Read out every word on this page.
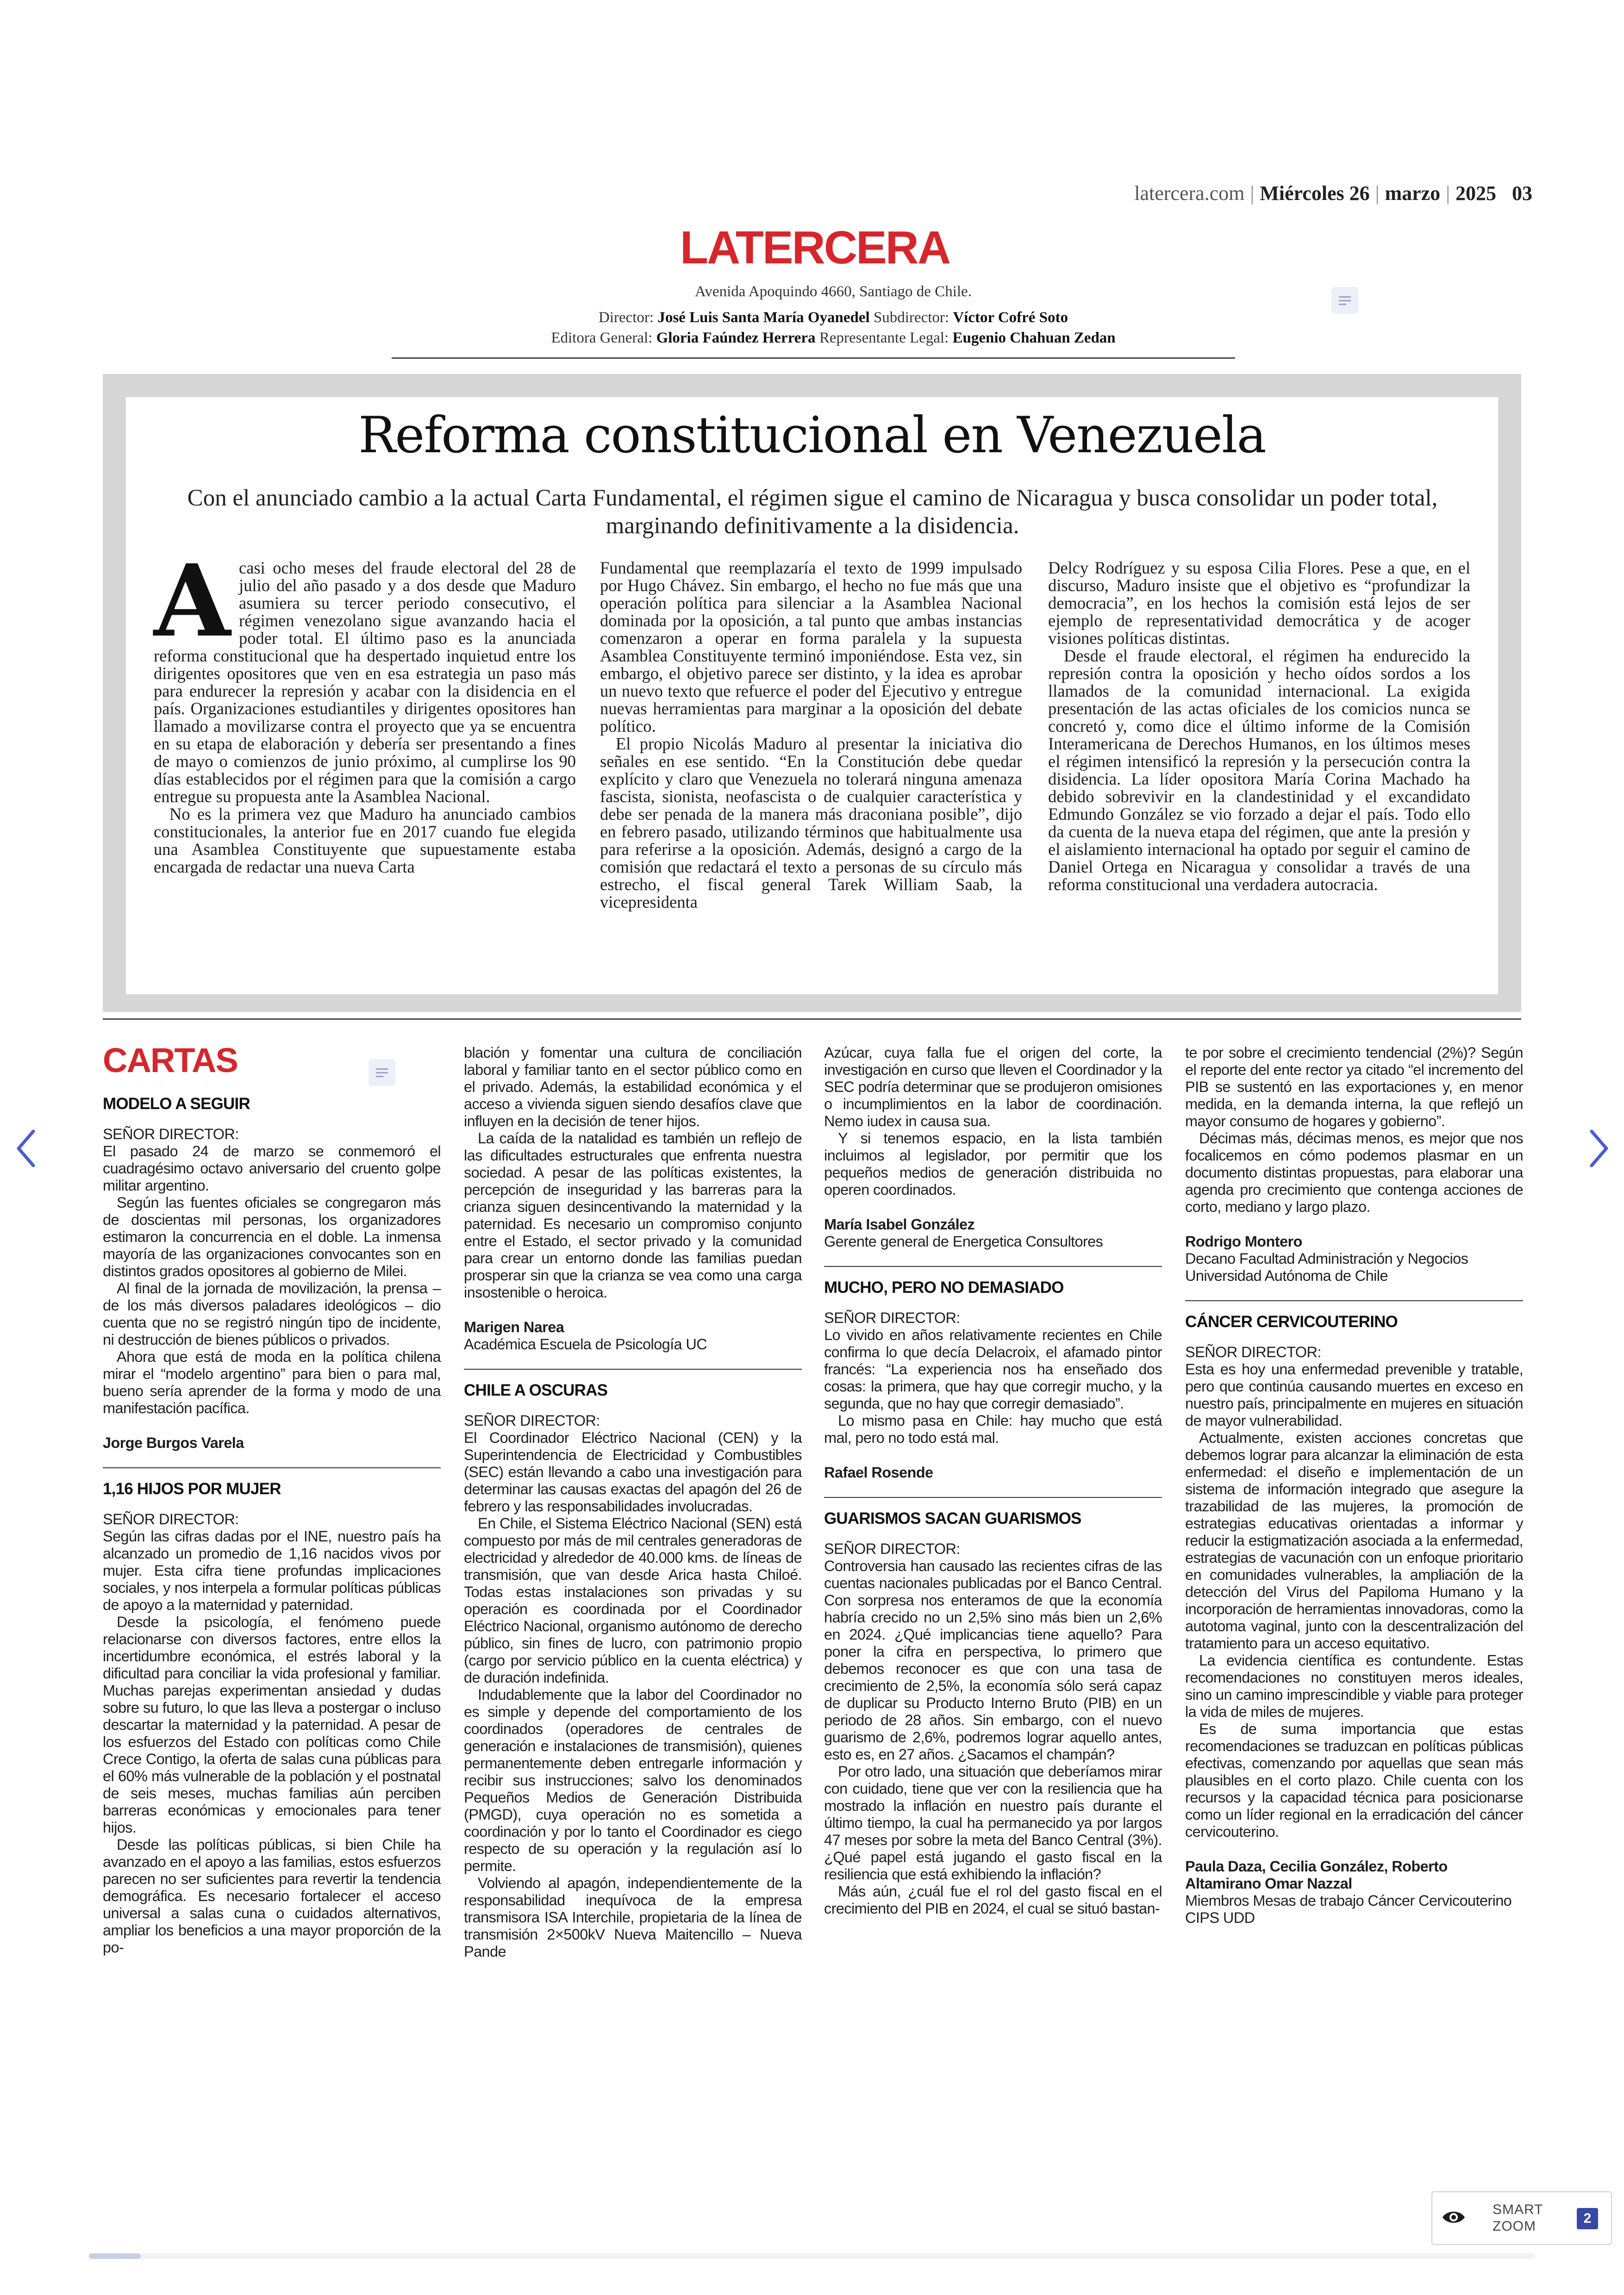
latercera.com | Miércoles 26 | marzo | 2025 03
LATERCERA
Avenida Apoquindo 4660, Santiago de Chile.
Director: José Luis Santa María Oyanedel Subdirector: Víctor Cofré Soto
Editora General: Gloria Faúndez Herrera Representante Legal: Eugenio Chahuan Zedan
Reforma constitucional en Venezuela
Con el anunciado cambio a la actual Carta Fundamental, el régimen sigue el camino de Nicaragua y busca consolidar un poder total, marginando definitivamente a la disidencia.
A casi ocho meses del fraude electoral del 28 de julio del año pasado y a dos desde que Maduro asumiera su tercer periodo consecutivo, el régimen venezolano sigue avanzando hacia el poder total. El último paso es la anunciada reforma constitucional que ha despertado inquietud entre los dirigentes opositores que ven en esa estrategia un paso más para endurecer la represión y acabar con la disidencia en el país. Organizaciones estudiantiles y dirigentes opositores han llamado a movilizarse contra el proyecto que ya se encuentra en su etapa de elaboración y debería ser presentando a fines de mayo o comienzos de junio próximo, al cumplirse los 90 días establecidos por el régimen para que la comisión a cargo entregue su propuesta ante la Asamblea Nacional.

No es la primera vez que Maduro ha anunciado cambios constitucionales, la anterior fue en 2017 cuando fue elegida una Asamblea Constituyente que supuestamente estaba encargada de redactar una nueva Carta

Fundamental que reemplazaría el texto de 1999 impulsado por Hugo Chávez. Sin embargo, el hecho no fue más que una operación política para silenciar a la Asamblea Nacional dominada por la oposición, a tal punto que ambas instancias comenzaron a operar en forma paralela y la supuesta Asamblea Constituyente terminó imponiéndose. Esta vez, sin embargo, el objetivo parece ser distinto, y la idea es aprobar un nuevo texto que refuerce el poder del Ejecutivo y entregue nuevas herramientas para marginar a la oposición del debate político.

El propio Nicolás Maduro al presentar la iniciativa dio señales en ese sentido. “En la Constitución debe quedar explícito y claro que Venezuela no tolerará ninguna amenaza fascista, sionista, neofascista o de cualquier característica y debe ser penada de la manera más draconiana posible”, dijo en febrero pasado, utilizando términos que habitualmente usa para referirse a la oposición. Además, designó a cargo de la comisión que redactará el texto a personas de su círculo más estrecho, el fiscal general Tarek William Saab, la vicepresidenta

Delcy Rodríguez y su esposa Cilia Flores. Pese a que, en el discurso, Maduro insiste que el objetivo es “profundizar la democracia”, en los hechos la comisión está lejos de ser ejemplo de representatividad democrática y de acoger visiones políticas distintas.

Desde el fraude electoral, el régimen ha endurecido la represión contra la oposición y hecho oídos sordos a los llamados de la comunidad internacional. La exigida presentación de las actas oficiales de los comicios nunca se concretó y, como dice el último informe de la Comisión Interamericana de Derechos Humanos, en los últimos meses el régimen intensificó la represión y la persecución contra la disidencia. La líder opositora María Corina Machado ha debido sobrevivir en la clandestinidad y el excandidato Edmundo González se vio forzado a dejar el país. Todo ello da cuenta de la nueva etapa del régimen, que ante la presión y el aislamiento internacional ha optado por seguir el camino de Daniel Ortega en Nicaragua y consolidar a través de una reforma constitucional una verdadera autocracia.

CARTAS
MODELO A SEGUIR
SEÑOR DIRECTOR:

El pasado 24 de marzo se conmemoró el cuadragésimo octavo aniversario del cruento golpe militar argentino.

Según las fuentes oficiales se congregaron más de doscientas mil personas, los organizadores estimaron la concurrencia en el doble. La inmensa mayoría de las organizaciones convocantes son en distintos grados opositores al gobierno de Milei.

Al final de la jornada de movilización, la prensa – de los más diversos paladares ideológicos – dio cuenta que no se registró ningún tipo de incidente, ni destrucción de bienes públicos o privados.

Ahora que está de moda en la política chilena mirar el “modelo argentino” para bien o para mal, bueno sería aprender de la forma y modo de una manifestación pacífica.

Jorge Burgos Varela
1,16 HIJOS POR MUJER
SEÑOR DIRECTOR:

Según las cifras dadas por el INE, nuestro país ha alcanzado un promedio de 1,16 nacidos vivos por mujer. Esta cifra tiene profundas implicaciones sociales, y nos interpela a formular políticas públicas de apoyo a la maternidad y paternidad.

Desde la psicología, el fenómeno puede relacionarse con diversos factores, entre ellos la incertidumbre económica, el estrés laboral y la dificultad para conciliar la vida profesional y familiar. Muchas parejas experimentan ansiedad y dudas sobre su futuro, lo que las lleva a postergar o incluso descartar la maternidad y la paternidad. A pesar de los esfuerzos del Estado con políticas como Chile Crece Contigo, la oferta de salas cuna públicas para el 60% más vulnerable de la población y el postnatal de seis meses, muchas familias aún perciben barreras económicas y emocionales para tener hijos.

Desde las políticas públicas, si bien Chile ha avanzado en el apoyo a las familias, estos esfuerzos parecen no ser suficientes para revertir la tendencia demográfica. Es necesario fortalecer el acceso universal a salas cuna o cuidados alternativos, ampliar los beneficios a una mayor proporción de la po-

blación y fomentar una cultura de conciliación laboral y familiar tanto en el sector público como en el privado. Además, la estabilidad económica y el acceso a vivienda siguen siendo desafíos clave que influyen en la decisión de tener hijos.

La caída de la natalidad es también un reflejo de las dificultades estructurales que enfrenta nuestra sociedad. A pesar de las políticas existentes, la percepción de inseguridad y las barreras para la crianza siguen desincentivando la maternidad y la paternidad. Es necesario un compromiso conjunto entre el Estado, el sector privado y la comunidad para crear un entorno donde las familias puedan prosperar sin que la crianza se vea como una carga insostenible o heroica.

Marigen Narea
Académica Escuela de Psicología UC
CHILE A OSCURAS
SEÑOR DIRECTOR:

El Coordinador Eléctrico Nacional (CEN) y la Superintendencia de Electricidad y Combustibles (SEC) están llevando a cabo una investigación para determinar las causas exactas del apagón del 26 de febrero y las responsabilidades involucradas.

En Chile, el Sistema Eléctrico Nacional (SEN) está compuesto por más de mil centrales generadoras de electricidad y alrededor de 40.000 kms. de líneas de transmisión, que van desde Arica hasta Chiloé. Todas estas instalaciones son privadas y su operación es coordinada por el Coordinador Eléctrico Nacional, organismo autónomo de derecho público, sin fines de lucro, con patrimonio propio (cargo por servicio público en la cuenta eléctrica) y de duración indefinida.

Indudablemente que la labor del Coordinador no es simple y depende del comportamiento de los coordinados (operadores de centrales de generación e instalaciones de transmisión), quienes permanentemente deben entregarle información y recibir sus instrucciones; salvo los denominados Pequeños Medios de Generación Distribuida (PMGD), cuya operación no es sometida a coordinación y por lo tanto el Coordinador es ciego respecto de su operación y la regulación así lo permite.

Volviendo al apagón, independientemente de la responsabilidad inequívoca de la empresa transmisora ISA Interchile, propietaria de la línea de transmisión 2×500kV Nueva Maitencillo – Nueva Pande

Azúcar, cuya falla fue el origen del corte, la investigación en curso que lleven el Coordinador y la SEC podría determinar que se produjeron omisiones o incumplimientos en la labor de coordinación. Nemo iudex in causa sua.

Y si tenemos espacio, en la lista también incluimos al legislador, por permitir que los pequeños medios de generación distribuida no operen coordinados.

María Isabel González
Gerente general de Energetica Consultores
MUCHO, PERO NO DEMASIADO
SEÑOR DIRECTOR:

Lo vivido en años relativamente recientes en Chile confirma lo que decía Delacroix, el afamado pintor francés: “La experiencia nos ha enseñado dos cosas: la primera, que hay que corregir mucho, y la segunda, que no hay que corregir demasiado”.

Lo mismo pasa en Chile: hay mucho que está mal, pero no todo está mal.

Rafael Rosende
GUARISMOS SACAN GUARISMOS
SEÑOR DIRECTOR:

Controversia han causado las recientes cifras de las cuentas nacionales publicadas por el Banco Central. Con sorpresa nos enteramos de que la economía habría crecido no un 2,5% sino más bien un 2,6% en 2024. ¿Qué implicancias tiene aquello? Para poner la cifra en perspectiva, lo primero que debemos reconocer es que con una tasa de crecimiento de 2,5%, la economía sólo será capaz de duplicar su Producto Interno Bruto (PIB) en un periodo de 28 años. Sin embargo, con el nuevo guarismo de 2,6%, podremos lograr aquello antes, esto es, en 27 años. ¿Sacamos el champán?

Por otro lado, una situación que deberíamos mirar con cuidado, tiene que ver con la resiliencia que ha mostrado la inflación en nuestro país durante el último tiempo, la cual ha permanecido ya por largos 47 meses por sobre la meta del Banco Central (3%). ¿Qué papel está jugando el gasto fiscal en la resiliencia que está exhibiendo la inflación?

Más aún, ¿cuál fue el rol del gasto fiscal en el crecimiento del PIB en 2024, el cual se situó bastan-

te por sobre el crecimiento tendencial (2%)? Según el reporte del ente rector ya citado “el incremento del PIB se sustentó en las exportaciones y, en menor medida, en la demanda interna, la que reflejó un mayor consumo de hogares y gobierno”.

Décimas más, décimas menos, es mejor que nos focalicemos en cómo podemos plasmar en un documento distintas propuestas, para elaborar una agenda pro crecimiento que contenga acciones de corto, mediano y largo plazo.

Rodrigo Montero
Decano Facultad Administración y Negocios
Universidad Autónoma de Chile
CÁNCER CERVICOUTERINO
SEÑOR DIRECTOR:

Esta es hoy una enfermedad prevenible y tratable, pero que continúa causando muertes en exceso en nuestro país, principalmente en mujeres en situación de mayor vulnerabilidad.

Actualmente, existen acciones concretas que debemos lograr para alcanzar la eliminación de esta enfermedad: el diseño e implementación de un sistema de información integrado que asegure la trazabilidad de las mujeres, la promoción de estrategias educativas orientadas a informar y reducir la estigmatización asociada a la enfermedad, estrategias de vacunación con un enfoque prioritario en comunidades vulnerables, la ampliación de la detección del Virus del Papiloma Humano y la incorporación de herramientas innovadoras, como la autotoma vaginal, junto con la descentralización del tratamiento para un acceso equitativo.

La evidencia científica es contundente. Estas recomendaciones no constituyen meros ideales, sino un camino imprescindible y viable para proteger la vida de miles de mujeres.

Es de suma importancia que estas recomendaciones se traduzcan en políticas públicas efectivas, comenzando por aquellas que sean más plausibles en el corto plazo. Chile cuenta con los recursos y la capacidad técnica para posicionarse como un líder regional en la erradicación del cáncer cervicouterino.

Paula Daza, Cecilia González, Roberto Altamirano Omar Nazzal
Miembros Mesas de trabajo Cáncer Cervicouterino
CIPS UDD
SMART
ZOOM
2
